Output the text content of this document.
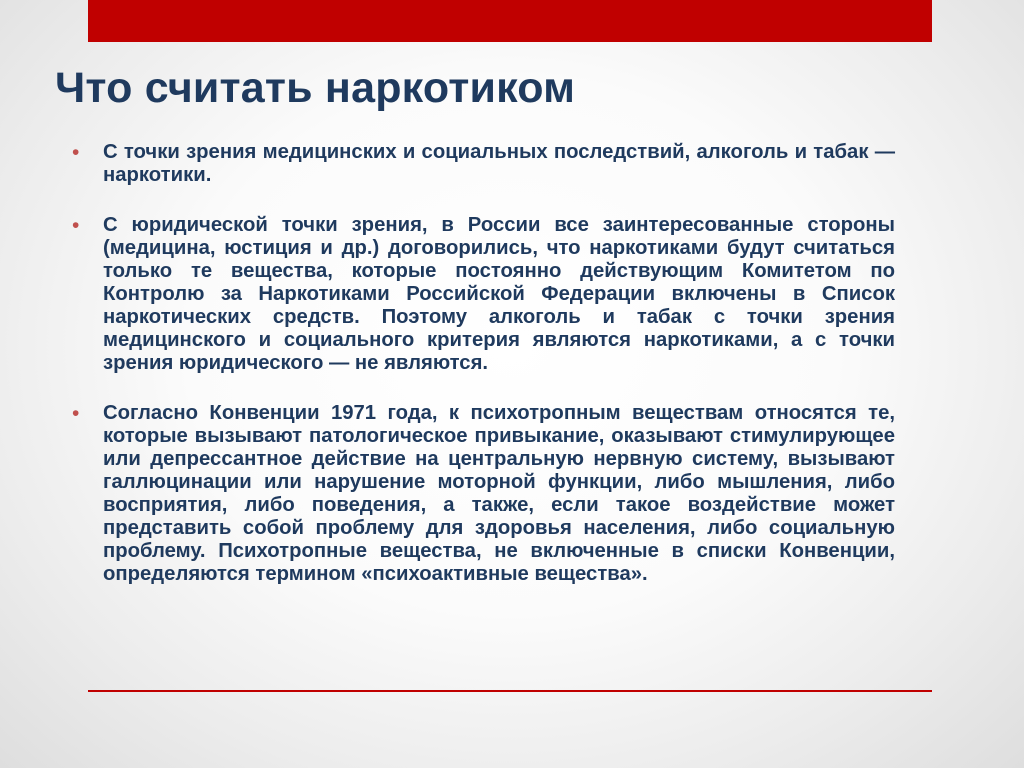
Что считать наркотиком
• С точки зрения медицинских и социальных последствий, алкоголь и табак — наркотики.
• С юридической точки зрения, в России все заинтересованные стороны (медицина, юстиция и др.) договорились, что наркотиками будут считаться только те вещества, которые постоянно действующим Комитетом по Контролю за Наркотиками Российской Федерации включены в Список наркотических средств. Поэтому алкоголь и табак с точки зрения медицинского и социального критерия являются наркотиками, а с точки зрения юридического — не являются.
• Согласно Конвенции 1971 года, к психотропным веществам относятся те, которые вызывают патологическое привыкание, оказывают стимулирующее или депрессантное действие на центральную нервную систему, вызывают галлюцинации или нарушение моторной функции, либо мышления, либо восприятия, либо поведения, а также, если такое воздействие может представить собой проблему для здоровья населения, либо социальную проблему. Психотропные вещества, не включенные в списки Конвенции, определяются термином «психоактивные вещества».
